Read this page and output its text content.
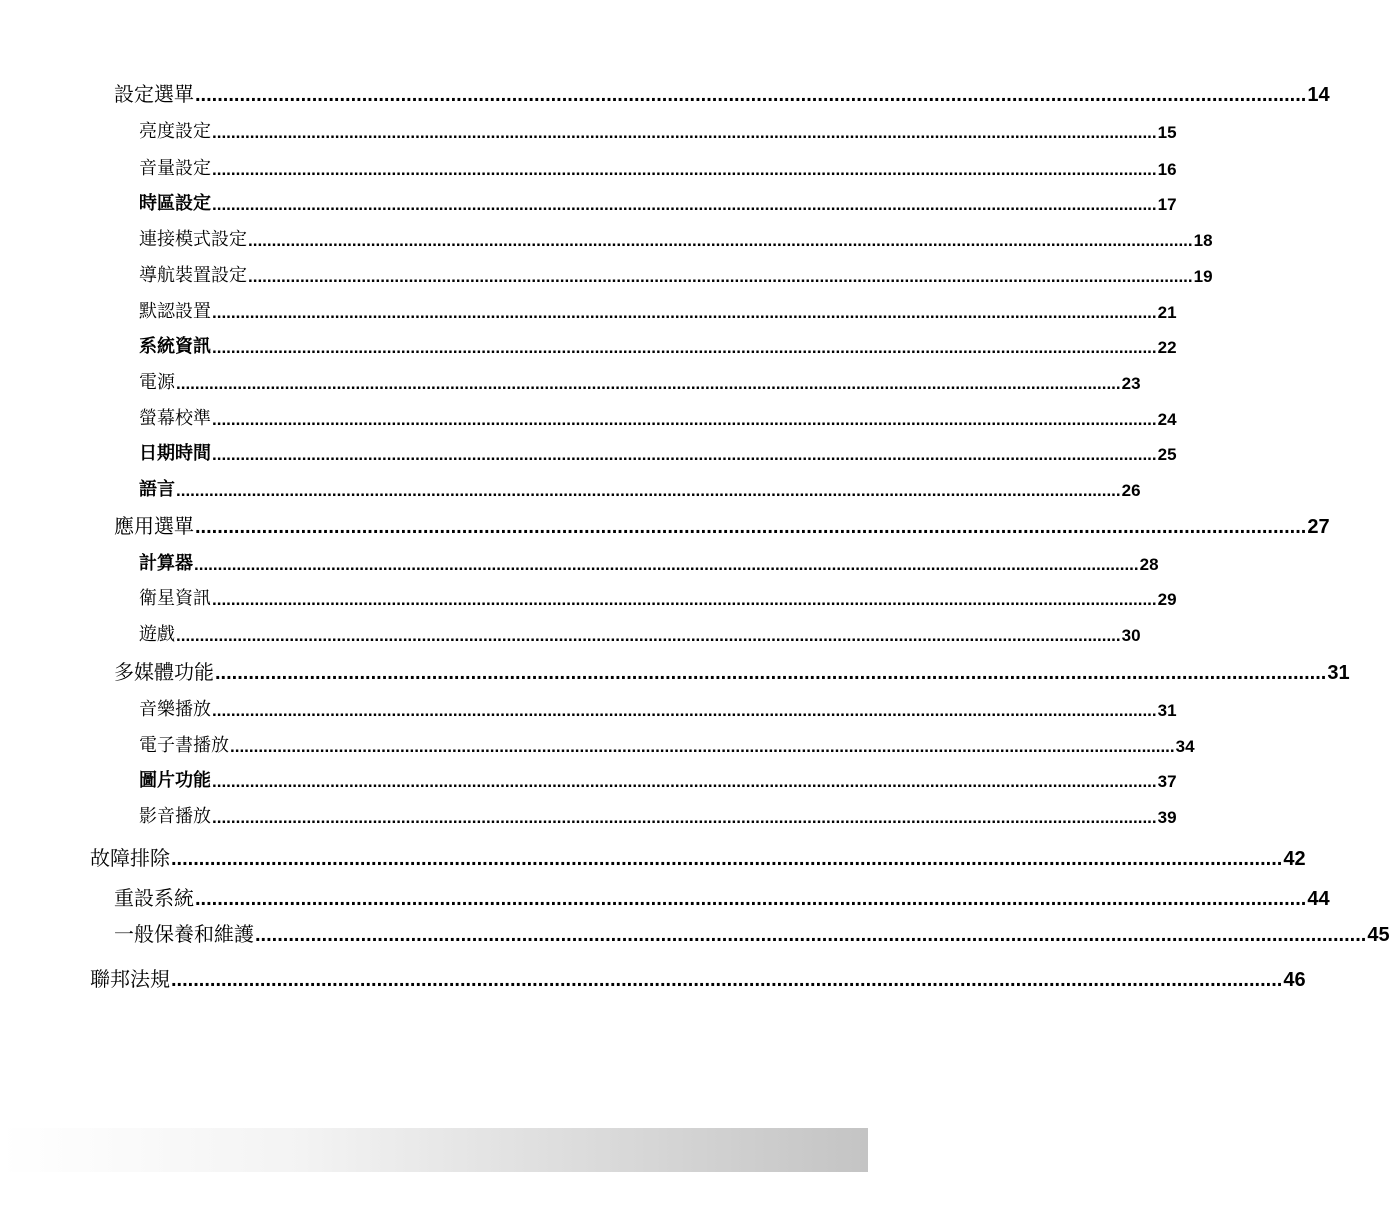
設定選單 ........................................................................................................................................................................................................ 14
亮度設定 ........................................................................................................................................................................................................ 15
音量設定 ........................................................................................................................................................................................................ 16
時區設定 ........................................................................................................................................................................................................ 17
連接模式設定 ........................................................................................................................................................................................................ 18
導航裝置設定 ........................................................................................................................................................................................................ 19
默認設置 ........................................................................................................................................................................................................ 21
系統資訊 ........................................................................................................................................................................................................ 22
電源 ........................................................................................................................................................................................................ 23
螢幕校準 ........................................................................................................................................................................................................ 24
日期時間 ........................................................................................................................................................................................................ 25
語言 ........................................................................................................................................................................................................ 26
應用選單 ........................................................................................................................................................................................................ 27
計算器 ........................................................................................................................................................................................................ 28
衛星資訊 ........................................................................................................................................................................................................ 29
遊戲 ........................................................................................................................................................................................................ 30
多媒體功能 ........................................................................................................................................................................................................ 31
音樂播放 ........................................................................................................................................................................................................ 31
電子書播放 ........................................................................................................................................................................................................ 34
圖片功能 ........................................................................................................................................................................................................ 37
影音播放 ........................................................................................................................................................................................................ 39
故障排除 ........................................................................................................................................................................................................ 42
重設系統 ........................................................................................................................................................................................................ 44
一般保養和維護 ........................................................................................................................................................................................................ 45
聯邦法規 ........................................................................................................................................................................................................ 46
